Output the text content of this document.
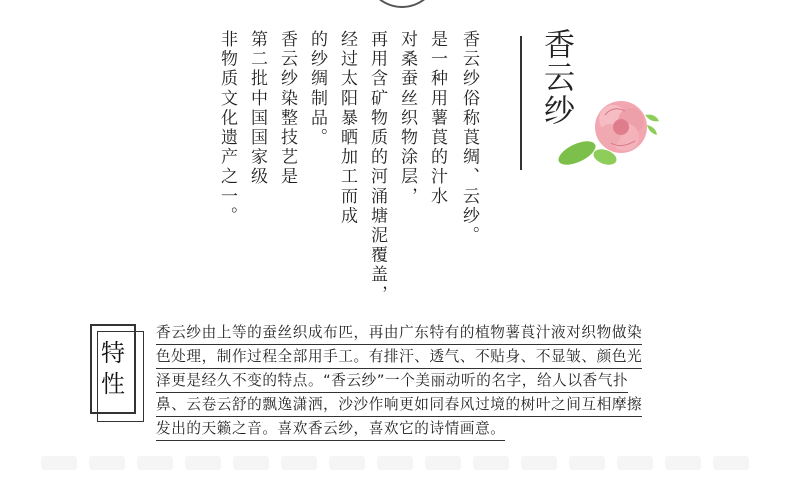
香云纱俗称莨绸、云纱。
是一种用薯莨的汁水
对桑蚕丝织物涂层，
再用含矿物质的河涌塘泥覆盖，
经过太阳暴晒加工而成
的纱绸制品。
香云纱染整技艺是
第二批中国国家级
非物质文化遗产之一。	香云纱
特
性
香云纱由上等的蚕丝织成布匹，再由广东特有的植物薯莨汁液对织物做染
色处理，制作过程全部用手工。有排汗、透气、不贴身、不显皱、颜色光
泽更是经久不变的特点。“香云纱”一个美丽动听的名字，给人以香气扑
鼻、云卷云舒的飘逸潇洒，沙沙作响更如同春风过境的树叶之间互相摩擦
发出的天籁之音。喜欢香云纱，喜欢它的诗情画意。
